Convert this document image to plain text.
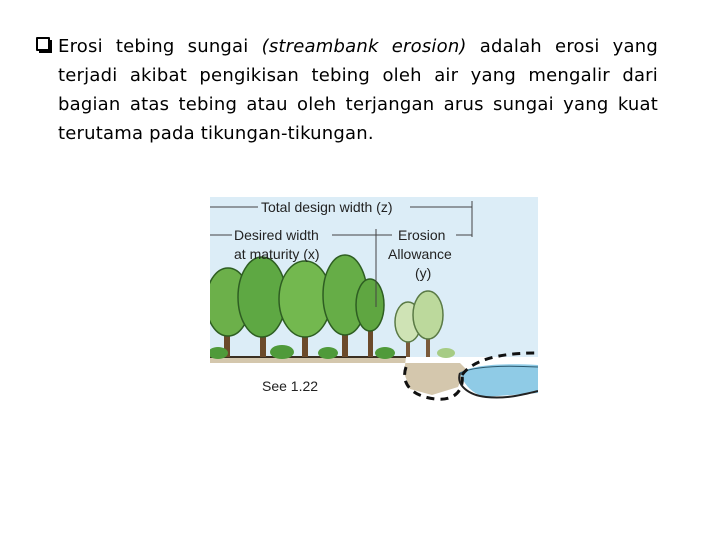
Erosi tebing sungai (streambank erosion) adalah erosi yang terjadi akibat pengikisan tebing oleh air yang mengalir dari bagian atas tebing atau oleh terjangan arus sungai yang kuat terutama pada tikungan-tikungan.

Total design width (z)
Desired width
at maturity (x)
Erosion
Allowance
(y)
See 1.22
